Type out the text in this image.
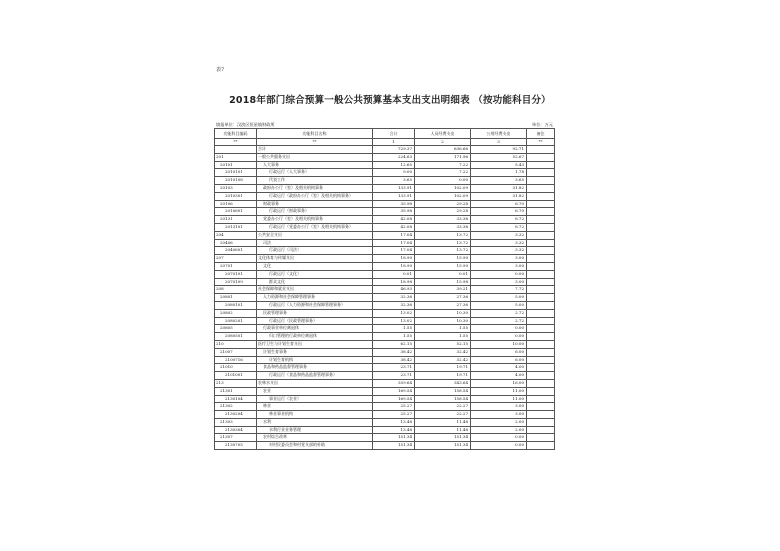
表7
2018年部门综合预算一般公共预算基本支出支出明细表 （按功能科目分）
填报单位：汉滨区恒星镇财政所	单位：万元
功能科目编码	功能科目名称	合计	人员经费支出	公用经费支出	备注
**	**	1	2	3	**
	合计	729.37	636.66	92.71	
201	一般公共服务支出	224.63	171.96	52.67	
20101	人大事务	12.65	7.22	5.43	
2010101	行政运行（人大事务）	9.00	7.22	1.78	
2010108	代表工作	3.65	0.00	3.65	
20103	政府办公厅（室）及相关机构事务	133.91	102.09	31.82	
2010301	行政运行（政府办公厅（室）及相关机构事务）	133.91	102.09	31.82	
20106	财政事务	35.98	29.28	6.70	
2010601	行政运行（财政事务）	35.98	29.28	6.70	
20131	党委办公厅（室）及相关机构事务	42.08	33.36	8.72	
2013101	行政运行（党委办公厅（室）及相关机构事务）	42.08	33.36	8.72	
204	公共安全支出	17.04	13.72	3.32	
20406	司法	17.04	13.72	3.32	
2040601	行政运行（司法）	17.04	13.72	3.32	
207	文化体育与传媒支出	18.99	15.99	3.00	
20701	文化	18.99	15.99	3.00	
2070101	行政运行（文化）	0.01	0.01	0.00	
2070109	群众文化	18.98	15.98	3.00	
208	社会保障和就业支出	46.93	39.21	7.72	
20801	人力资源和社会保障管理事务	32.36	27.36	5.00	
2080101	行政运行（人力资源和社会保障管理事务）	32.36	27.36	5.00	
20802	民政管理事务	13.02	10.30	2.72	
2080201	行政运行（民政管理事务）	13.02	10.30	2.72	
20805	行政事业单位离退休	1.55	1.55	0.00	
2080501	归口管理的行政单位离退休	1.55	1.55	0.00	
210	医疗卫生与计划生育支出	62.15	52.15	10.00	
21007	计划生育事务	38.42	32.42	6.00	
2100716	计划生育机构	38.42	32.42	6.00	
21010	食品和药品监督管理事务	23.71	19.71	4.00	
2101001	行政运行（食品和药品监督管理事务）	23.71	19.71	4.00	
213	农林水支出	359.64	343.64	16.00	
21301	农业	169.54	158.54	11.00	
2130104	事业运行（农业）	169.54	158.54	11.00	
21302	林业	25.27	22.27	3.00	
2130204	林业事业机构	25.27	22.27	3.00	
21303	水利	13.48	11.48	2.00	
2130304	水利行业业务管理	13.48	11.48	2.00	
21307	农村综合改革	151.34	151.34	0.00	
2130705	对村民委员会和村党支部的补助	151.34	151.34	0.00	
